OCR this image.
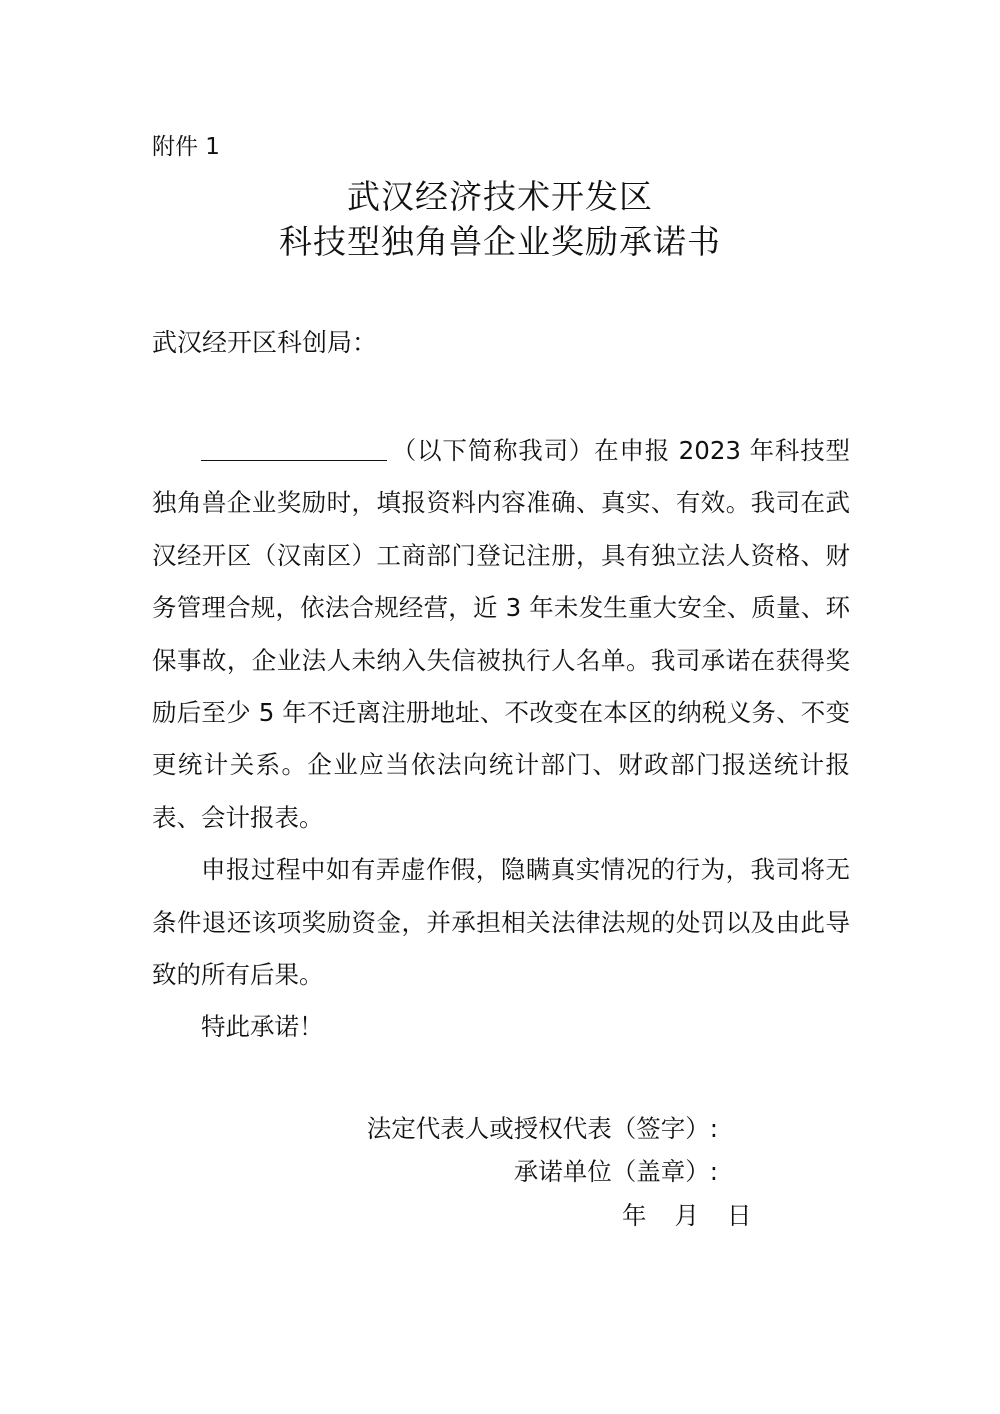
附件 1
武汉经济技术开发区
科技型独角兽企业奖励承诺书
武汉经开区科创局：

（以下简称我司）在申报 2023 年科技型独角兽企业奖励时，填报资料内容准确、真实、有效。我司在武汉经开区（汉南区）工商部门登记注册，具有独立法人资格、财务管理合规，依法合规经营，近 3 年未发生重大安全、质量、环保事故，企业法人未纳入失信被执行人名单。我司承诺在获得奖励后至少 5 年不迁离注册地址、不改变在本区的纳税义务、不变更统计关系。企业应当依法向统计部门、财政部门报送统计报表、会计报表。

申报过程中如有弄虚作假，隐瞒真实情况的行为，我司将无条件退还该项奖励资金，并承担相关法律法规的处罚以及由此导致的所有后果。

特此承诺！

法定代表人或授权代表（签字）:
承诺单位（盖章）:
年 月 日
